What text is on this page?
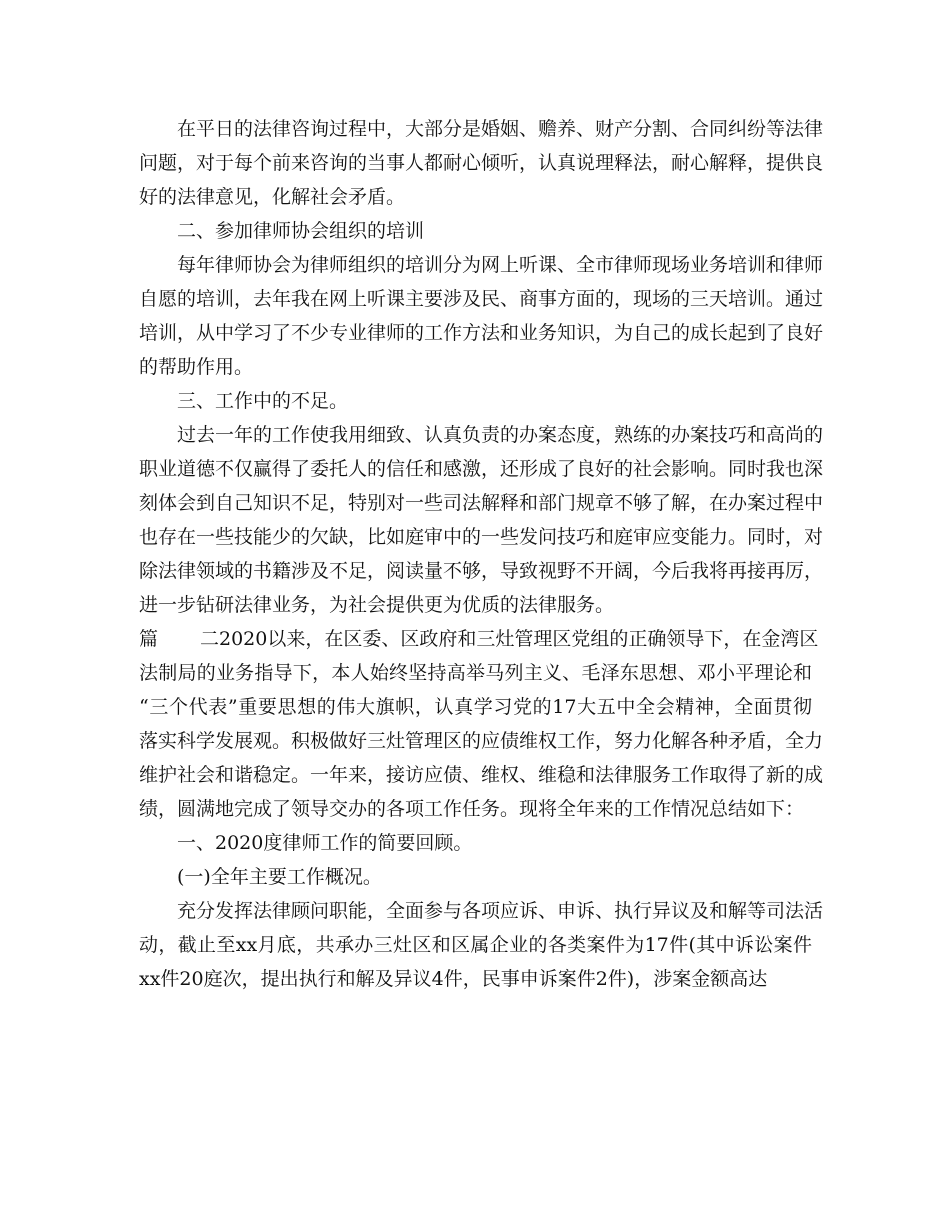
在平日的法律咨询过程中，大部分是婚姻、赡养、财产分割、合同纠纷等法律
问题，对于每个前来咨询的当事人都耐心倾听，认真说理释法，耐心解释，提供良
好的法律意见，化解社会矛盾。
二、参加律师协会组织的培训
每年律师协会为律师组织的培训分为网上听课、全市律师现场业务培训和律师
自愿的培训，去年我在网上听课主要涉及民、商事方面的，现场的三天培训。通过
培训，从中学习了不少专业律师的工作方法和业务知识，为自己的成长起到了良好
的帮助作用。
三、工作中的不足。
过去一年的工作使我用细致、认真负责的办案态度，熟练的办案技巧和高尚的
职业道德不仅赢得了委托人的信任和感激，还形成了良好的社会影响。同时我也深
刻体会到自己知识不足，特别对一些司法解释和部门规章不够了解，在办案过程中
也存在一些技能少的欠缺，比如庭审中的一些发问技巧和庭审应变能力。同时，对
除法律领域的书籍涉及不足，阅读量不够，导致视野不开阔，今后我将再接再厉，
进一步钻研法律业务，为社会提供更为优质的法律服务。
篇二2020以来，在区委、区政府和三灶管理区党组的正确领导下，在金湾区
法制局的业务指导下，本人始终坚持高举马列主义、毛泽东思想、邓小平理论和
“三个代表”重要思想的伟大旗帜，认真学习党的17大五中全会精神，全面贯彻
落实科学发展观。积极做好三灶管理区的应债维权工作，努力化解各种矛盾，全力
维护社会和谐稳定。一年来，接访应债、维权、维稳和法律服务工作取得了新的成
绩，圆满地完成了领导交办的各项工作任务。现将全年来的工作情况总结如下：
一、2020度律师工作的简要回顾。
(一)全年主要工作概况。
充分发挥法律顾问职能，全面参与各项应诉、申诉、执行异议及和解等司法活
动，截止至xx月底，共承办三灶区和区属企业的各类案件为17件(其中诉讼案件
xx件20庭次，提出执行和解及异议4件，民事申诉案件2件)，涉案金额高达
